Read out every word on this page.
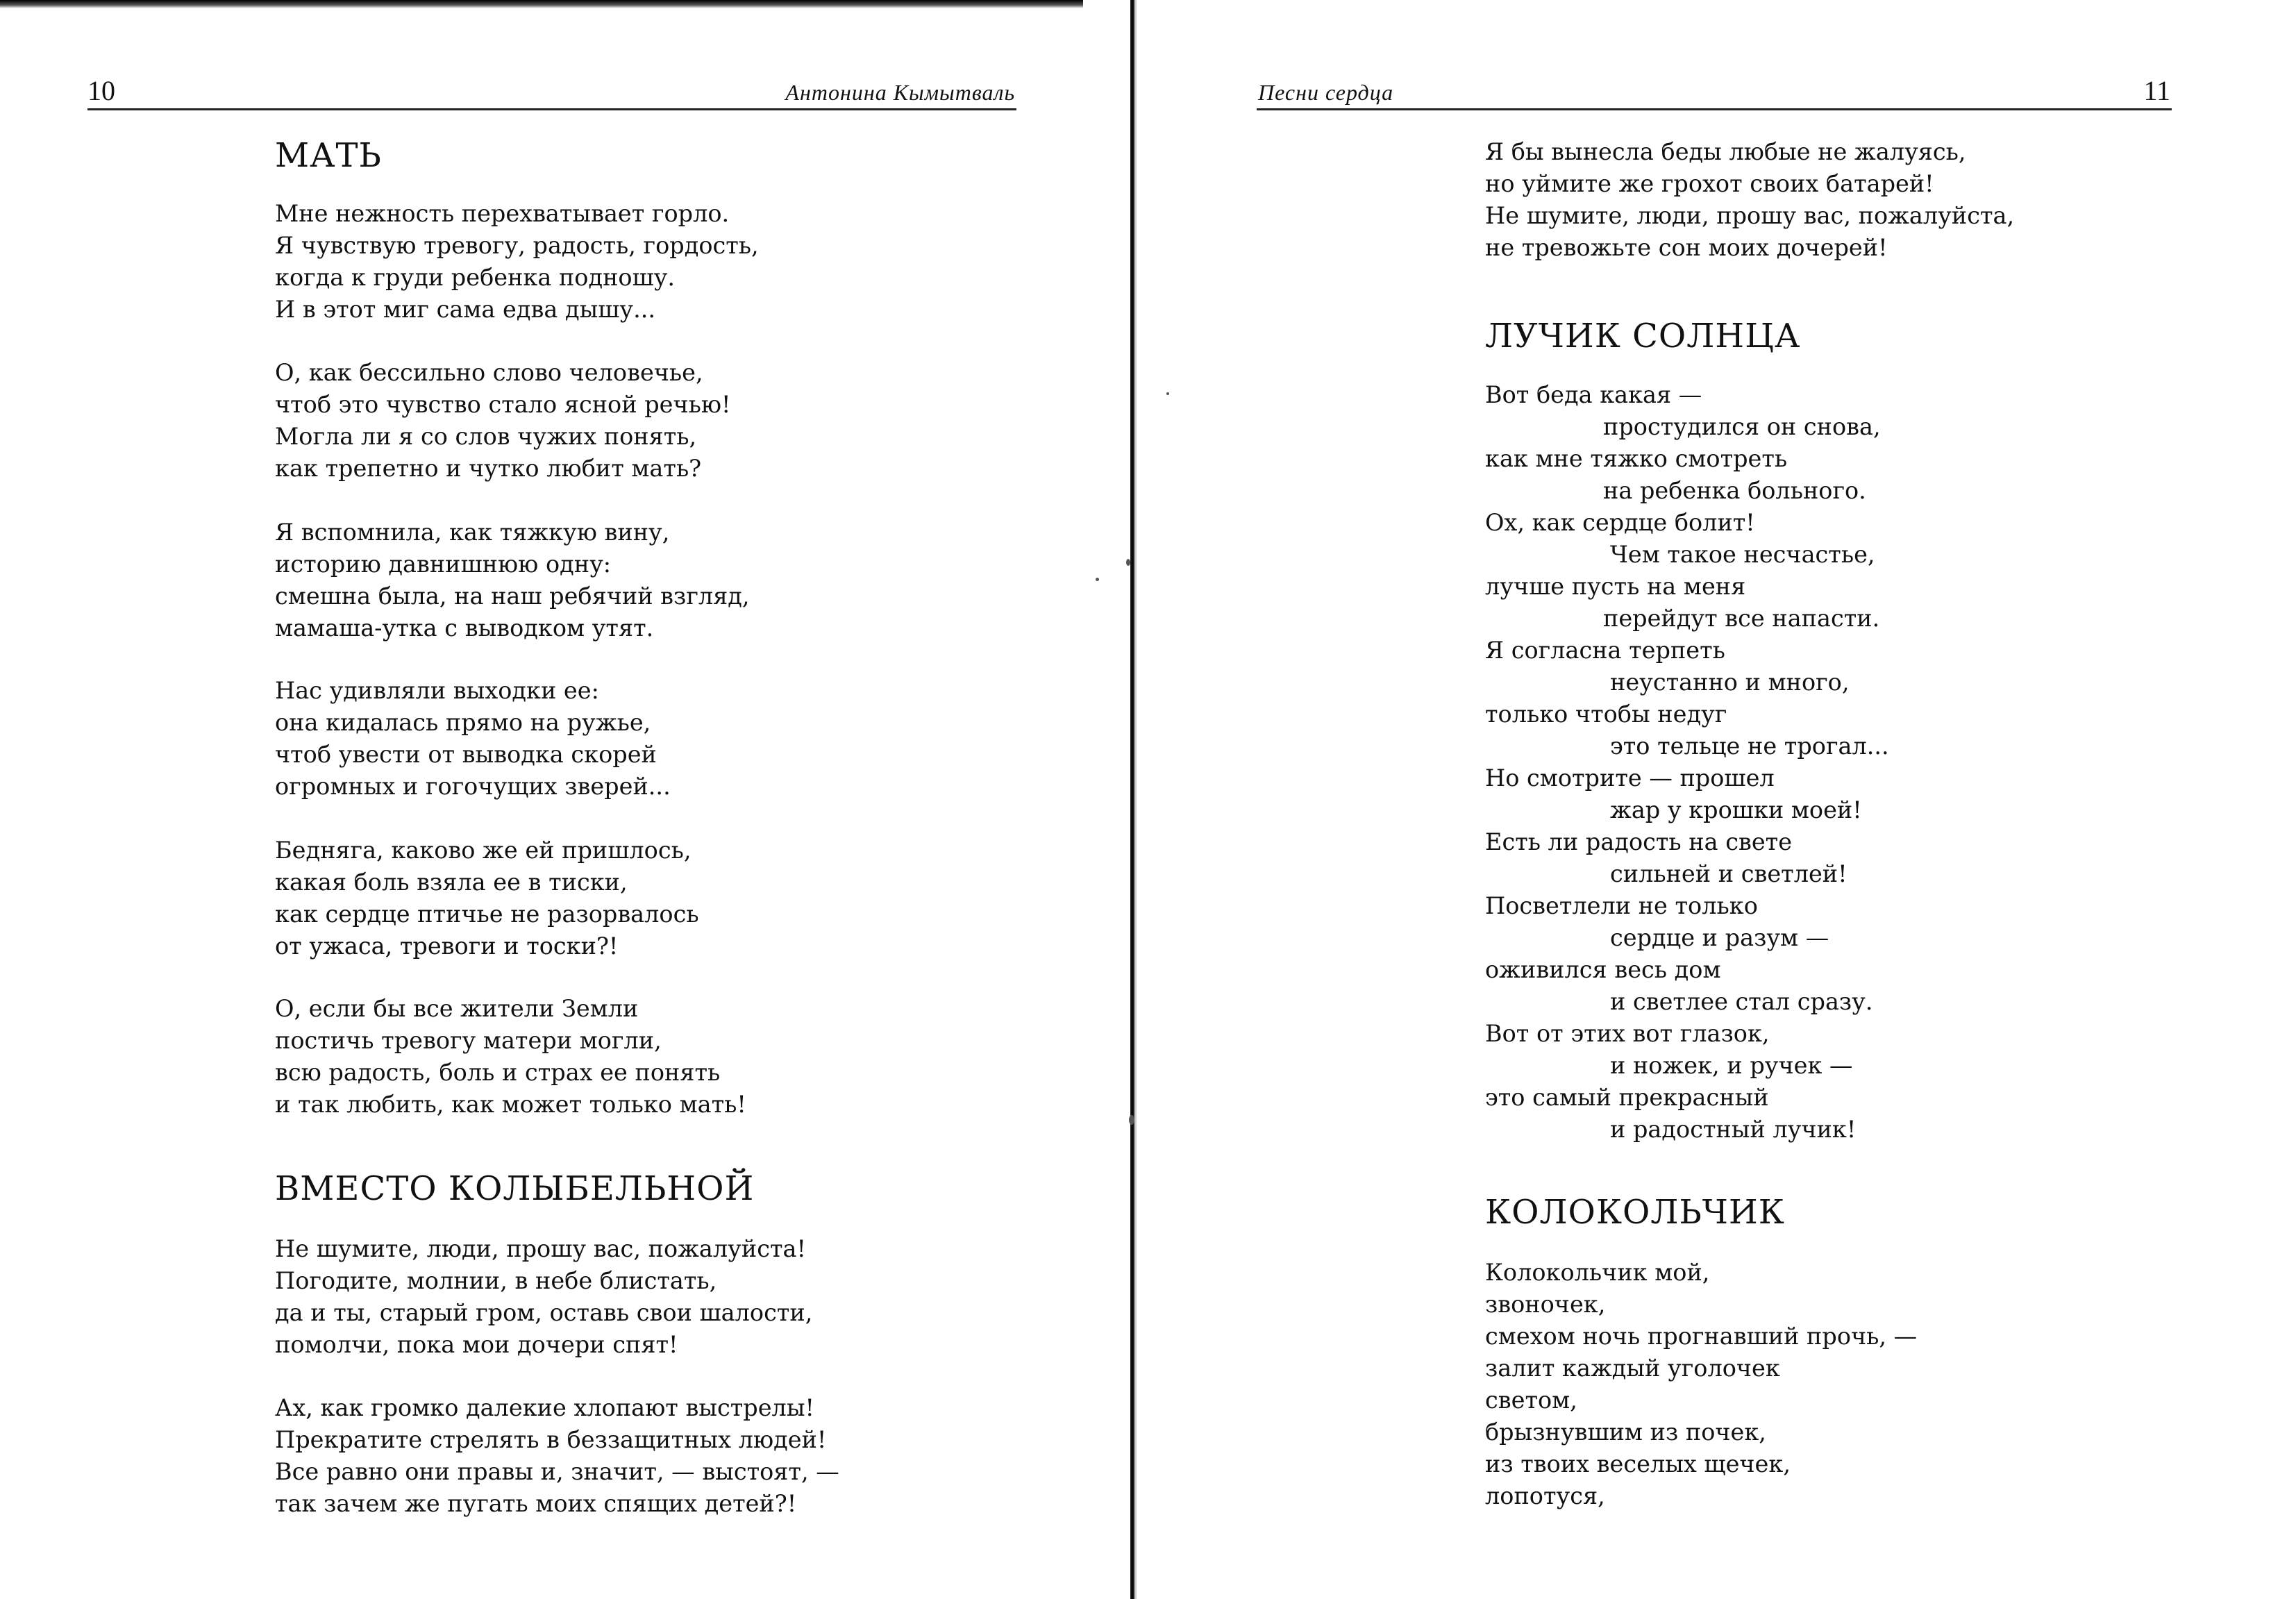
10	Антонина Кымытваль
МАТЬ
Мне нежность перехватывает горло.
Я чувствую тревогу, радость, гордость,
когда к груди ребенка подношу.
И в этот миг сама едва дышу...
О, как бессильно слово человечье,
чтоб это чувство стало ясной речью!
Могла ли я со слов чужих понять,
как трепетно и чутко любит мать?
Я вспомнила, как тяжкую вину,
историю давнишнюю одну:
смешна была, на наш ребячий взгляд,
мамаша-утка с выводком утят.
Нас удивляли выходки ее:
она кидалась прямо на ружье,
чтоб увести от выводка скорей
огромных и гогочущих зверей...
Бедняга, каково же ей пришлось,
какая боль взяла ее в тиски,
как сердце птичье не разорвалось
от ужаса, тревоги и тоски?!
О, если бы все жители Земли
постичь тревогу матери могли,
всю радость, боль и страх ее понять
и так любить, как может только мать!
ВМЕСТО КОЛЫБЕЛЬНОЙ
Не шумите, люди, прошу вас, пожалуйста!
Погодите, молнии, в небе блистать,
да и ты, старый гром, оставь свои шалости,
помолчи, пока мои дочери спят!
Ах, как громко далекие хлопают выстрелы!
Прекратите стрелять в беззащитных людей!
Все равно они правы и, значит, — выстоят, —
так зачем же пугать моих спящих детей?!
Песни сердца	11
Я бы вынесла беды любые не жалуясь,
но уймите же грохот своих батарей!
Не шумите, люди, прошу вас, пожалуйста,
не тревожьте сон моих дочерей!
ЛУЧИК СОЛНЦА
Вот беда какая —
простудился он снова,
как мне тяжко смотреть
на ребенка больного.
Ох, как сердце болит!
Чем такое несчастье,
лучше пусть на меня
перейдут все напасти.
Я согласна терпеть
неустанно и много,
только чтобы недуг
это тельце не трогал...
Но смотрите — прошел
жар у крошки моей!
Есть ли радость на свете
сильней и светлей!
Посветлели не только
сердце и разум —
оживился весь дом
и светлее стал сразу.
Вот от этих вот глазок,
и ножек, и ручек —
это самый прекрасный
и радостный лучик!
КОЛОКОЛЬЧИК
Колокольчик мой,
звоночек,
смехом ночь прогнавший прочь, —
залит каждый уголочек
светом,
брызнувшим из почек,
из твоих веселых щечек,
лопотуся,
